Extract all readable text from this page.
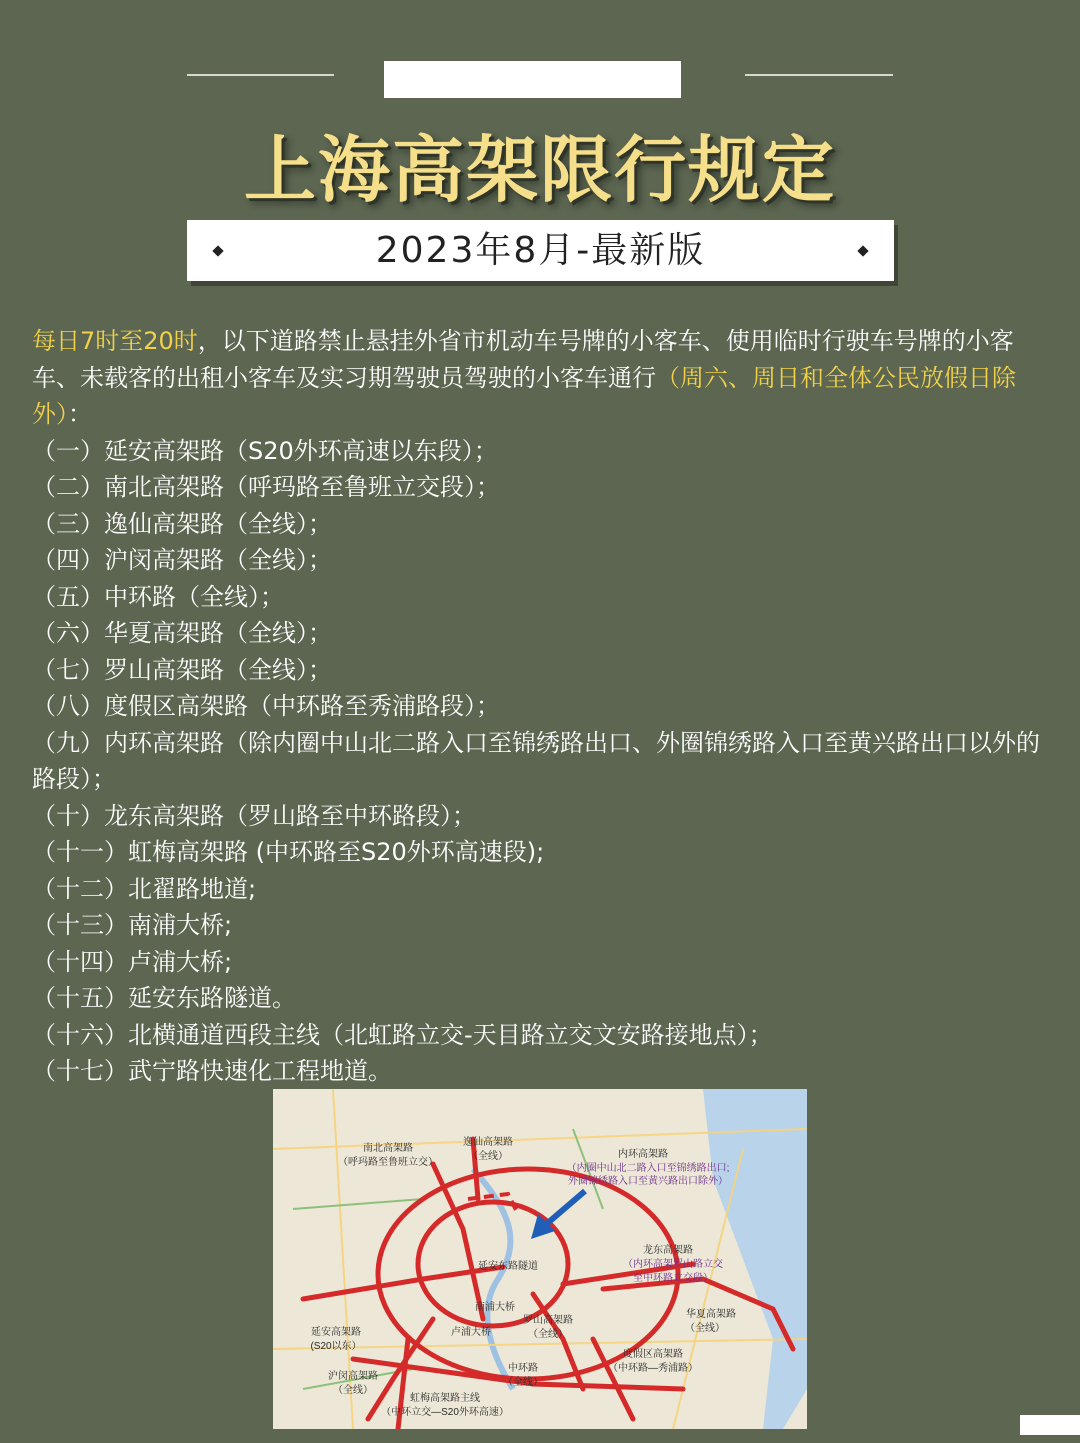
上海高架限行规定
2023年8月-最新版

每日7时至20时，以下道路禁止悬挂外省市机动车号牌的小客车、使用临时行驶车号牌的小客车、未载客的出租小客车及实习期驾驶员驾驶的小客车通行（周六、周日和全体公民放假日除外）：

（一）延安高架路（S20外环高速以东段）；
（二）南北高架路（呼玛路至鲁班立交段）；
（三）逸仙高架路（全线）；
（四）沪闵高架路（全线）；
（五）中环路（全线）；
（六）华夏高架路（全线）；
（七）罗山高架路（全线）；
（八）度假区高架路（中环路至秀浦路段）；
（九）内环高架路（除内圈中山北二路入口至锦绣路出口、外圈锦绣路入口至黄兴路出口以外的路段）；
（十）龙东高架路（罗山路至中环路段）；
（十一）虹梅高架路 (中环路至S20外环高速段);
（十二）北翟路地道;
（十三）南浦大桥;
（十四）卢浦大桥;
（十五）延安东路隧道。
（十六）北横通道西段主线（北虹路立交-天目路立交文安路接地点）；
（十七）武宁路快速化工程地道。
南北高架路
（呼玛路至鲁班立交）
逸仙高架路
（全线）	内环高架路
（内圈中山北二路入口至锦绣路出口;
外圈锦绣路入口至黄兴路出口除外）
龙东高架路
（内环高架罗山路立交
至中环路立交段）
延安东路隧道
南浦大桥
卢浦大桥
罗山高架路
（全线）
华夏高架路
（全线）
延安高架路
(S20以东）
沪闵高架路
（全线）
中环路
（全线）
度假区高架路
（中环路—秀浦路）
虹梅高架路主线
（中环立交—S20外环高速）
